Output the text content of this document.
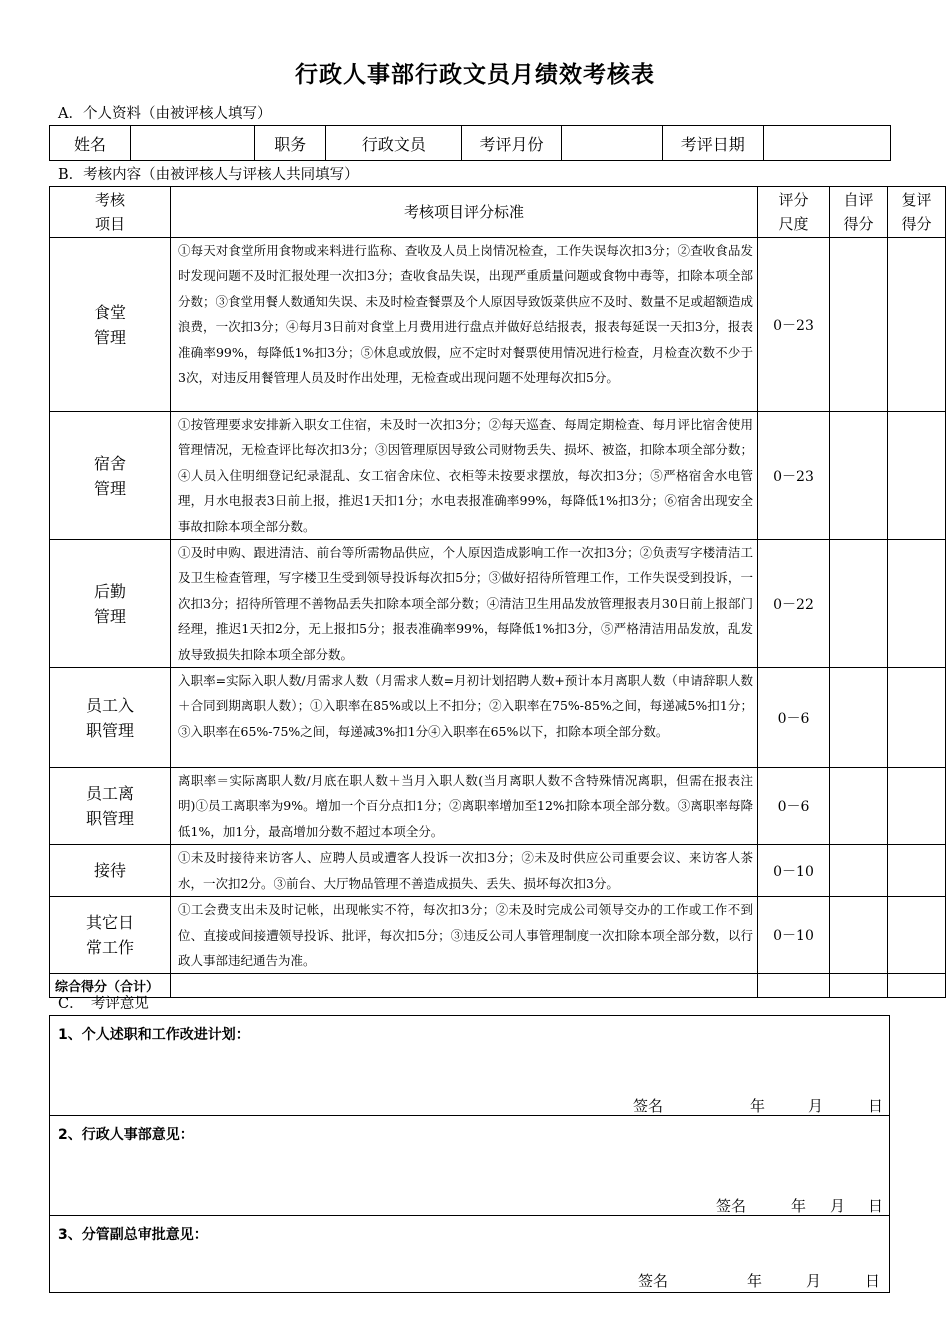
行政人事部行政文员月绩效考核表
A．个人资料（由被评核人填写）
姓名		职务	行政文员	考评月份		考评日期	
B．考核内容（由被评核人与评核人共同填写）
考核项目	考核项目评分标准	评分尺度	自评得分	复评得分
食堂管理	①每天对食堂所用食物或来料进行监称、查收及人员上岗情况检查，工作失误每次扣3分；②查收食品发时发现问题不及时汇报处理一次扣3分；查收食品失误，出现严重质量问题或食物中毒等，扣除本项全部分数；③食堂用餐人数通知失误、未及时检查餐票及个人原因导致饭菜供应不及时、数量不足或超额造成浪费，一次扣3分；④每月3日前对食堂上月费用进行盘点并做好总结报表，报表每延误一天扣3分，报表准确率99%，每降低1%扣3分；⑤休息或放假，应不定时对餐票使用情况进行检查，月检查次数不少于3次，对违反用餐管理人员及时作出处理，无检查或出现问题不处理每次扣5分。	0－23		
宿舍管理	①按管理要求安排新入职女工住宿，未及时一次扣3分；②每天巡查、每周定期检查、每月评比宿舍使用管理情况，无检查评比每次扣3分；③因管理原因导致公司财物丢失、损坏、被盗，扣除本项全部分数；④人员入住明细登记纪录混乱、女工宿舍床位、衣柜等未按要求摆放，每次扣3分；⑤严格宿舍水电管理，月水电报表3日前上报，推迟1天扣1分；水电表报准确率99%，每降低1%扣3分；⑥宿舍出现安全事故扣除本项全部分数。	0－23		
后勤管理	①及时申购、跟进清洁、前台等所需物品供应，个人原因造成影响工作一次扣3分；②负责写字楼清洁工及卫生检查管理，写字楼卫生受到领导投诉每次扣5分；③做好招待所管理工作，工作失误受到投诉，一次扣3分；招待所管理不善物品丢失扣除本项全部分数；④清洁卫生用品发放管理报表月30日前上报部门经理，推迟1天扣2分，无上报扣5分；报表准确率99%，每降低1%扣3分，⑤严格清洁用品发放，乱发放导致损失扣除本项全部分数。	0－22		
员工入职管理	入职率=实际入职人数/月需求人数（月需求人数=月初计划招聘人数+预计本月离职人数（申请辞职人数＋合同到期离职人数）；①入职率在85%或以上不扣分；②入职率在75%-85%之间，每递减5%扣1分；③入职率在65%-75%之间，每递减3%扣1分④入职率在65%以下，扣除本项全部分数。	0－6		
员工离职管理	离职率＝实际离职人数/月底在职人数＋当月入职人数(当月离职人数不含特殊情况离职，但需在报表注明)①员工离职率为9%。增加一个百分点扣1分；②离职率增加至12%扣除本项全部分数。③离职率每降低1%，加1分，最高增加分数不超过本项全分。	0－6		
接待	①未及时接待来访客人、应聘人员或遭客人投诉一次扣3分；②未及时供应公司重要会议、来访客人茶水，一次扣2分。③前台、大厅物品管理不善造成损失、丢失、损坏每次扣3分。	0－10		
其它日常工作	①工会费支出未及时记帐，出现帐实不符，每次扣3分；②未及时完成公司领导交办的工作或工作不到位、直接或间接遭领导投诉、批评，每次扣5分；③违反公司人事管理制度一次扣除本项全部分数，以行政人事部违纪通告为准。	0－10		
综合得分（合计）				
C．　考评意见
1、个人述职和工作改进计划：
签名	年	月	日
2、行政人事部意见：
签名	年 月 日
3、分管副总审批意见：
签名	年	月	日
